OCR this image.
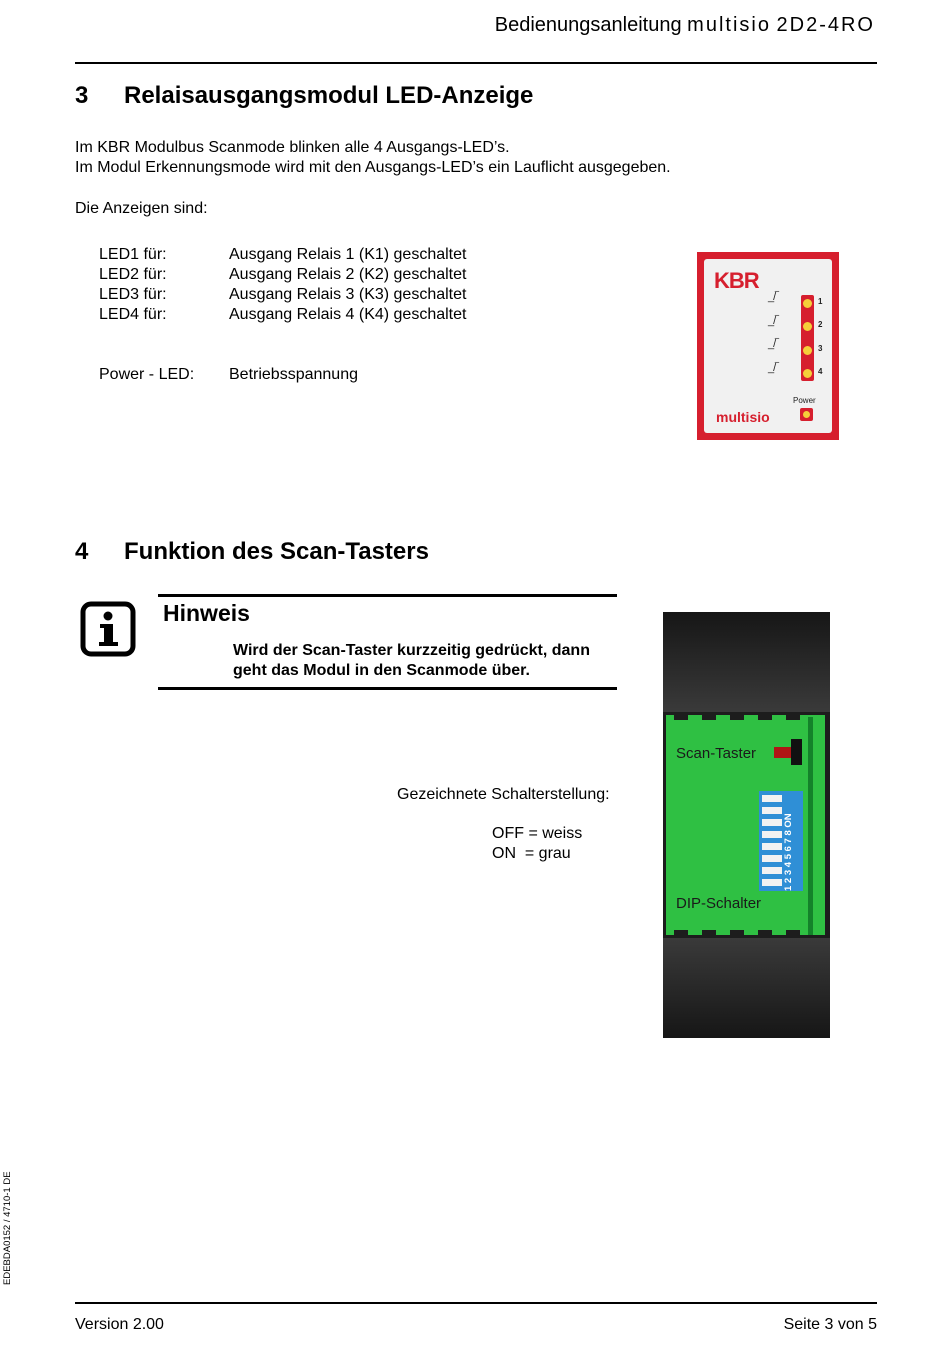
Bedienungsanleitung multisio 2D2-4RO
3 Relaisausgangsmodul LED-Anzeige
Im KBR Modulbus Scanmode blinken alle 4 Ausgangs-LED’s.
Im Modul Erkennungsmode wird mit den Ausgangs-LED’s ein Lauflicht ausgegeben.
Die Anzeigen sind:
LED1 für:	Ausgang Relais 1 (K1) geschaltet
LED2 für:	Ausgang Relais 2 (K2) geschaltet
LED3 für:	Ausgang Relais 3 (K3) geschaltet
LED4 für:	Ausgang Relais 4 (K4) geschaltet
Power - LED: Betriebsspannung
KBR
_/‾
_/‾
_/‾
_/‾
1
2
3
4
Power
multisio
4 Funktion des Scan-Tasters
Hinweis
Wird der Scan-Taster kurzzeitig gedrückt, dann
geht das Modul in den Scanmode über.
Gezeichnete Schalterstellung:
OFF = weiss
ON  = grau
Scan-Taster
1 2 3 4 5 6 7 8 ON
DIP-Schalter
EDEBDA0152 / 4710-1 DE
Version 2.00	Seite 3 von 5
